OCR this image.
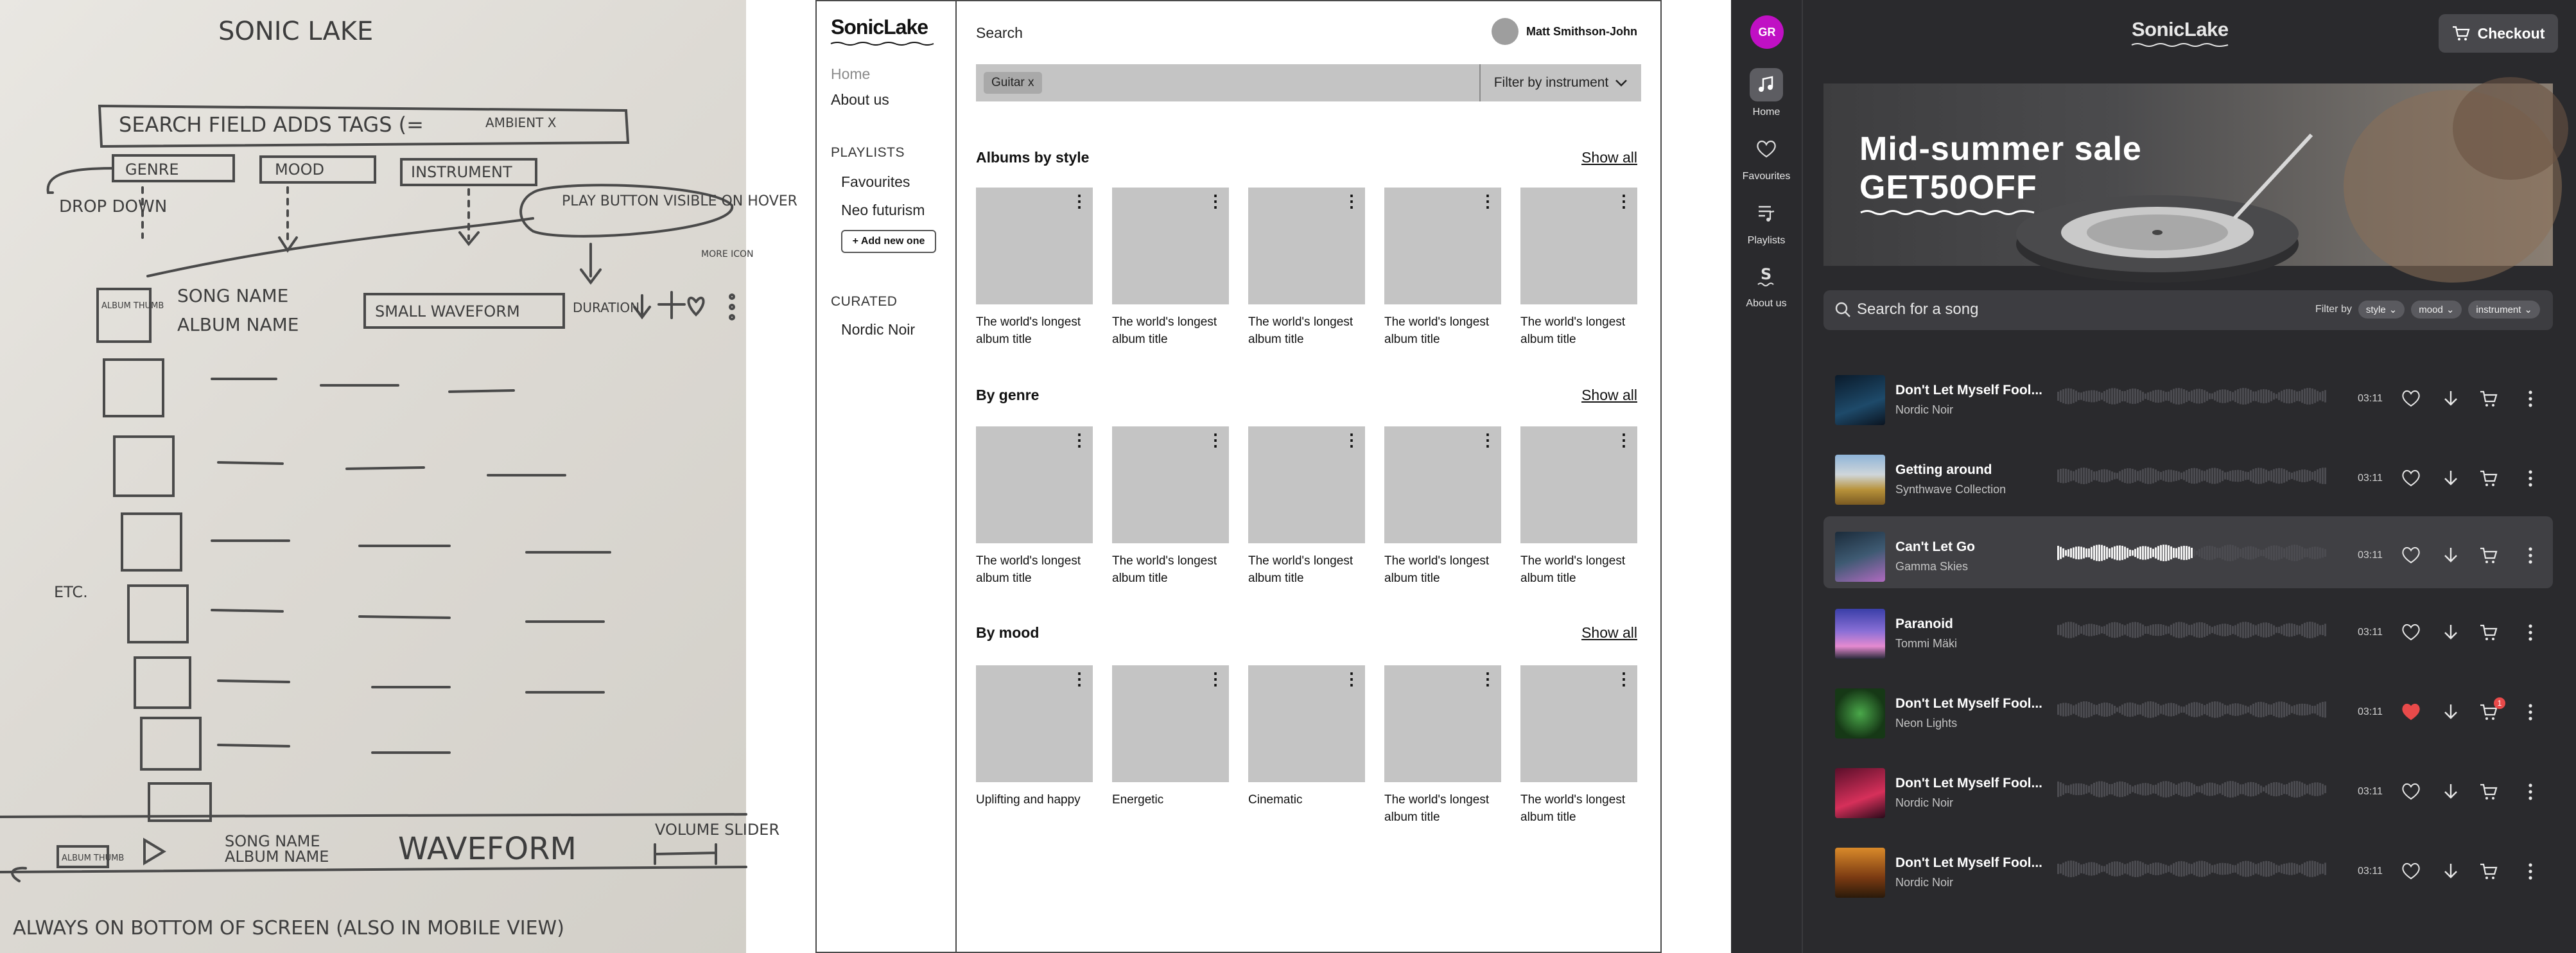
SONIC LAKE
SEARCH FIELD ADDS TAGS (=	AMBIENT X
GENRE	MOOD	INSTRUMENT
DROP DOWN	PLAY BUTTON VISIBLE ON HOVER
MORE ICON
ALBUM THUMB SONG NAME
ALBUM NAME
SMALL WAVEFORM	DURATION
ETC.
ALBUM THUMB
SONG NAME
ALBUM NAME WAVEFORM
VOLUME SLIDER
ALWAYS ON BOTTOM OF SCREEN (ALSO IN MOBILE VIEW)
SonicLake
Home
About us
PLAYLISTS
Favourites
Neo futurism
+ Add new one
CURATED
Nordic Noir
Search	Matt Smithson-John
Guitar x	Filter by instrument
Albums by style	Show all
⋮
The world's longest album title
⋮
The world's longest album title
⋮
The world's longest album title
⋮
The world's longest album title
⋮
The world's longest album title
By genre	Show all
⋮
The world's longest album title
⋮
The world's longest album title
⋮
The world's longest album title
⋮
The world's longest album title
⋮
The world's longest album title
By mood	Show all
⋮
Uplifting and happy
⋮
Energetic
⋮
Cinematic
⋮
The world's longest album title
⋮
The world's longest album title
GR
Home
Favourites
Playlists
S
About us
SonicLake	Checkout
Mid-summer sale
GET50OFF
Search for a song	Filter by style ⌄ mood ⌄ instrument ⌄
Don't Let Myself Fool...
Nordic Noir
03:11
Getting around
Synthwave Collection
03:11
Can't Let Go
Gamma Skies
03:11
Paranoid
Tommi Mäki
03:11
Don't Let Myself Fool...
Neon Lights
03:11
1
Don't Let Myself Fool...
Nordic Noir
03:11
Don't Let Myself Fool...
Nordic Noir
03:11
